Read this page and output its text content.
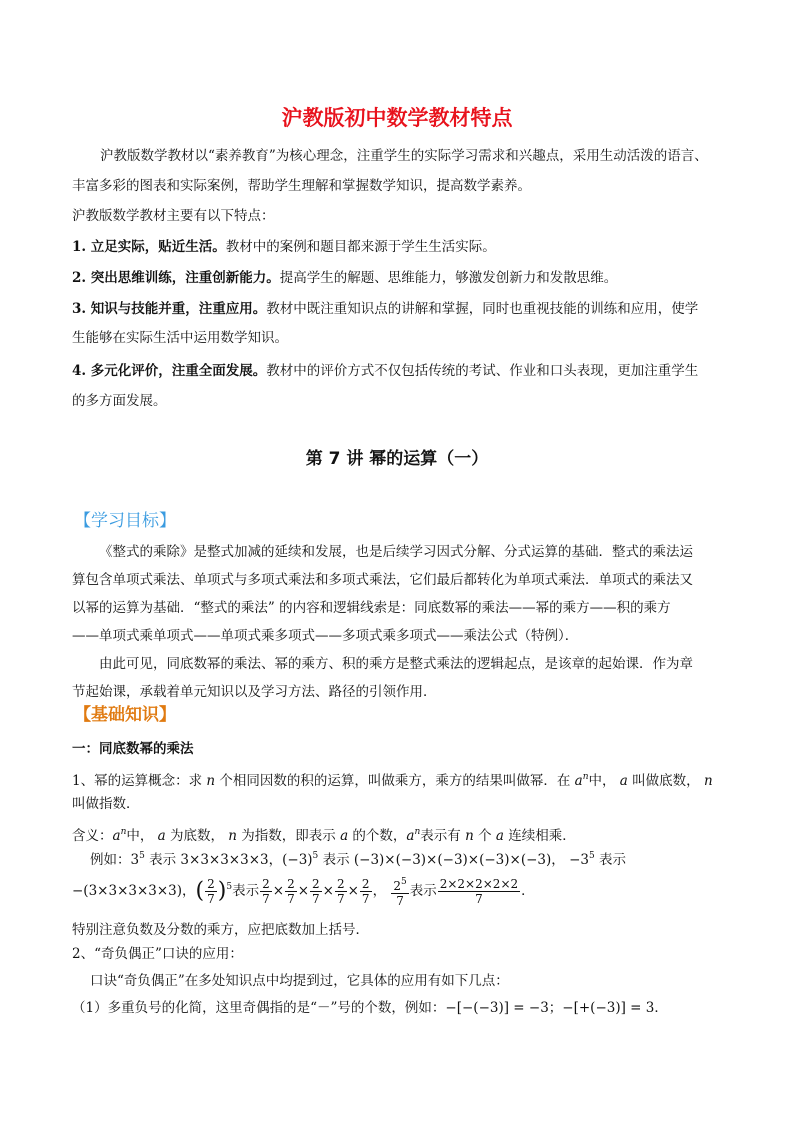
沪教版初中数学教材特点
沪教版数学教材以“素养教育”为核心理念，注重学生的实际学习需求和兴趣点，采用生动活泼的语言、
丰富多彩的图表和实际案例，帮助学生理解和掌握数学知识，提高数学素养。
沪教版数学教材主要有以下特点：
1. 立足实际，贴近生活。教材中的案例和题目都来源于学生生活实际。
2. 突出思维训练，注重创新能力。提高学生的解题、思维能力，够激发创新力和发散思维。
3. 知识与技能并重，注重应用。教材中既注重知识点的讲解和掌握，同时也重视技能的训练和应用，使学
生能够在实际生活中运用数学知识。
4. 多元化评价，注重全面发展。教材中的评价方式不仅包括传统的考试、作业和口头表现，更加注重学生
的多方面发展。
第 7 讲 幂的运算（一）
【学习目标】
《整式的乘除》是整式加减的延续和发展，也是后续学习因式分解、分式运算的基础．整式的乘法运
算包含单项式乘法、单项式与多项式乘法和多项式乘法，它们最后都转化为单项式乘法．单项式的乘法又
以幂的运算为基础．“整式的乘法” 的内容和逻辑线索是：同底数幂的乘法——幂的乘方——积的乘方
——单项式乘单项式——单项式乘多项式——多项式乘多项式——乘法公式（特例）．
由此可见，同底数幂的乘法、幂的乘方、积的乘方是整式乘法的逻辑起点，是该章的起始课．作为章
节起始课，承载着单元知识以及学习方法、路径的引领作用．
【基础知识】
一：同底数幂的乘法
1、幂的运算概念：求 n 个相同因数的积的运算，叫做乘方，乘方的结果叫做幂．在 $a^n$中， a 叫做底数， n
叫做指数．
含义：$a^n$中， a 为底数， n 为指数，即表示 a 的个数，$a^n$表示有 n 个 a 连续相乘．
例如：$3^5$ 表示 3×3×3×3×3，$(-3)^5$ 表示 (−3)×(−3)×(−3)×(−3)×(−3)， $-3^5$ 表示
−(3×3×3×3×3)，( $\frac{2}{7} )^5$表示 $\frac{2}{7} \times \frac{2}{7} \times \frac{2}{7} \times \frac{2}{7} \times \frac{2}{7}$ ， $\frac{2^5}{7}$ 表示 $\frac{2\times 2\times 2\times 2\times 2}{7}$ ．
特别注意负数及分数的乘方，应把底数加上括号．
2、“奇负偶正”口诀的应用：
口诀“奇负偶正”在多处知识点中均提到过，它具体的应用有如下几点：
（1）多重负号的化简，这里奇偶指的是“－”号的个数，例如：−[−(−3)] = −3；−[+(−3)] = 3．
